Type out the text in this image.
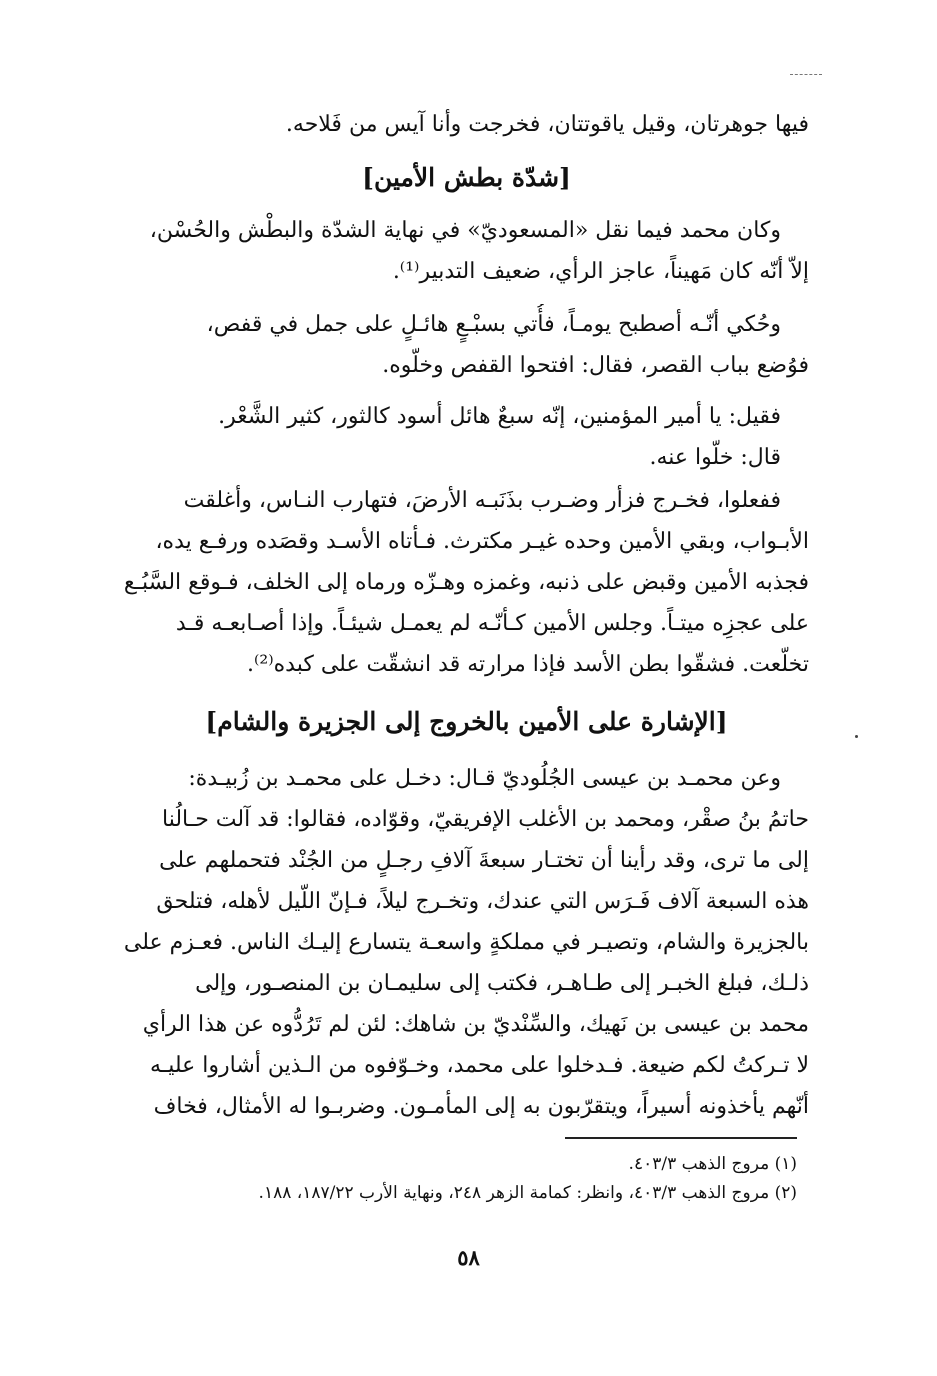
فيها جوهرتان، وقيل ياقوتتان، فخرجت وأنا آيس من فَلاحه.
[شدّة بطش الأمين]
وكان محمد فيما نقل «المسعوديّ» في نهاية الشدّة والبطْش والحُسْن،
إلاّ أنّه كان مَهيناً، عاجز الرأي، ضعيف التدبير⁽¹⁾.
وحُكي أنّـه أصطبح يومـاً، فأُتي بسبْـعٍ هائـلٍ على جمل في قفص،
فوُضع بباب القصر، فقال: افتحوا القفص وخلّوه.
فقيل: يا أمير المؤمنين، إنّه سبعٌ هائل أسود كالثور، كثير الشَّعْر.
قال: خلّوا عنه.
ففعلوا، فخـرج فزأر وضـرب بذَنَبـه الأرضَ، فتهارب النـاس، وأغلقت
الأبـواب، وبقي الأمين وحده غيـر مكترث. فـأتاه الأسـد وقصَده ورفـع يده،
فجذبه الأمين وقبض على ذنبه، وغمزه وهـزّه ورماه إلى الخلف، فـوقع السَّبُـع
على عجزِه ميتـاً. وجلس الأمين كـأنّـه لم يعمـل شيئـاً. وإذا أصـابعـه قـد
تخلّعت. فشقّوا بطن الأسد فإذا مرارته قد انشقّت على كبده⁽²⁾.
[الإشارة على الأمين بالخروج إلى الجزيرة والشام]
وعن محمـد بن عيسى الجُلُوديّ قـال: دخـل على محمـد بن زُبيـدة:
حاتمُ بنُ صقْر، ومحمد بن الأغلب الإفريقيّ، وقوّاده، فقالوا: قد آلت حـالُنا
إلى ما ترى، وقد رأينا أن تختـار سبعةَ آلافِ رجـلٍ من الجُنْد فتحملهم على
هذه السبعة آلاف فَـرَس التي عندك، وتخـرج ليلاً، فـإنّ اللّيل لأهله، فتلحق
بالجزيرة والشام، وتصيـر في مملكةٍ واسعـة يتسارع إليـك الناس. فعـزم على
ذلـك، فبلغ الخبـر إلى طـاهـر، فكتب إلى سليمـان بن المنصـور، وإلى
محمد بن عيسى بن نَهيك، والسِّنْديّ بن شاهك: لئن لم تَرُدُّوه عن هذا الرأي
لا تـركتُ لكم ضيعة. فـدخلوا على محمد، وخـوّفوه من الـذين أشاروا عليـه
أنّهم يأخذونه أسيراً، ويتقرّبون به إلى المأمـون. وضربـوا له الأمثال، فخاف
(١) مروج الذهب ٤٠٣/٣.
(٢) مروج الذهب ٤٠٣/٣، وانظر: كمامة الزهر ٢٤٨، ونهاية الأرب ١٨٧/٢٢، ١٨٨.
٥٨
